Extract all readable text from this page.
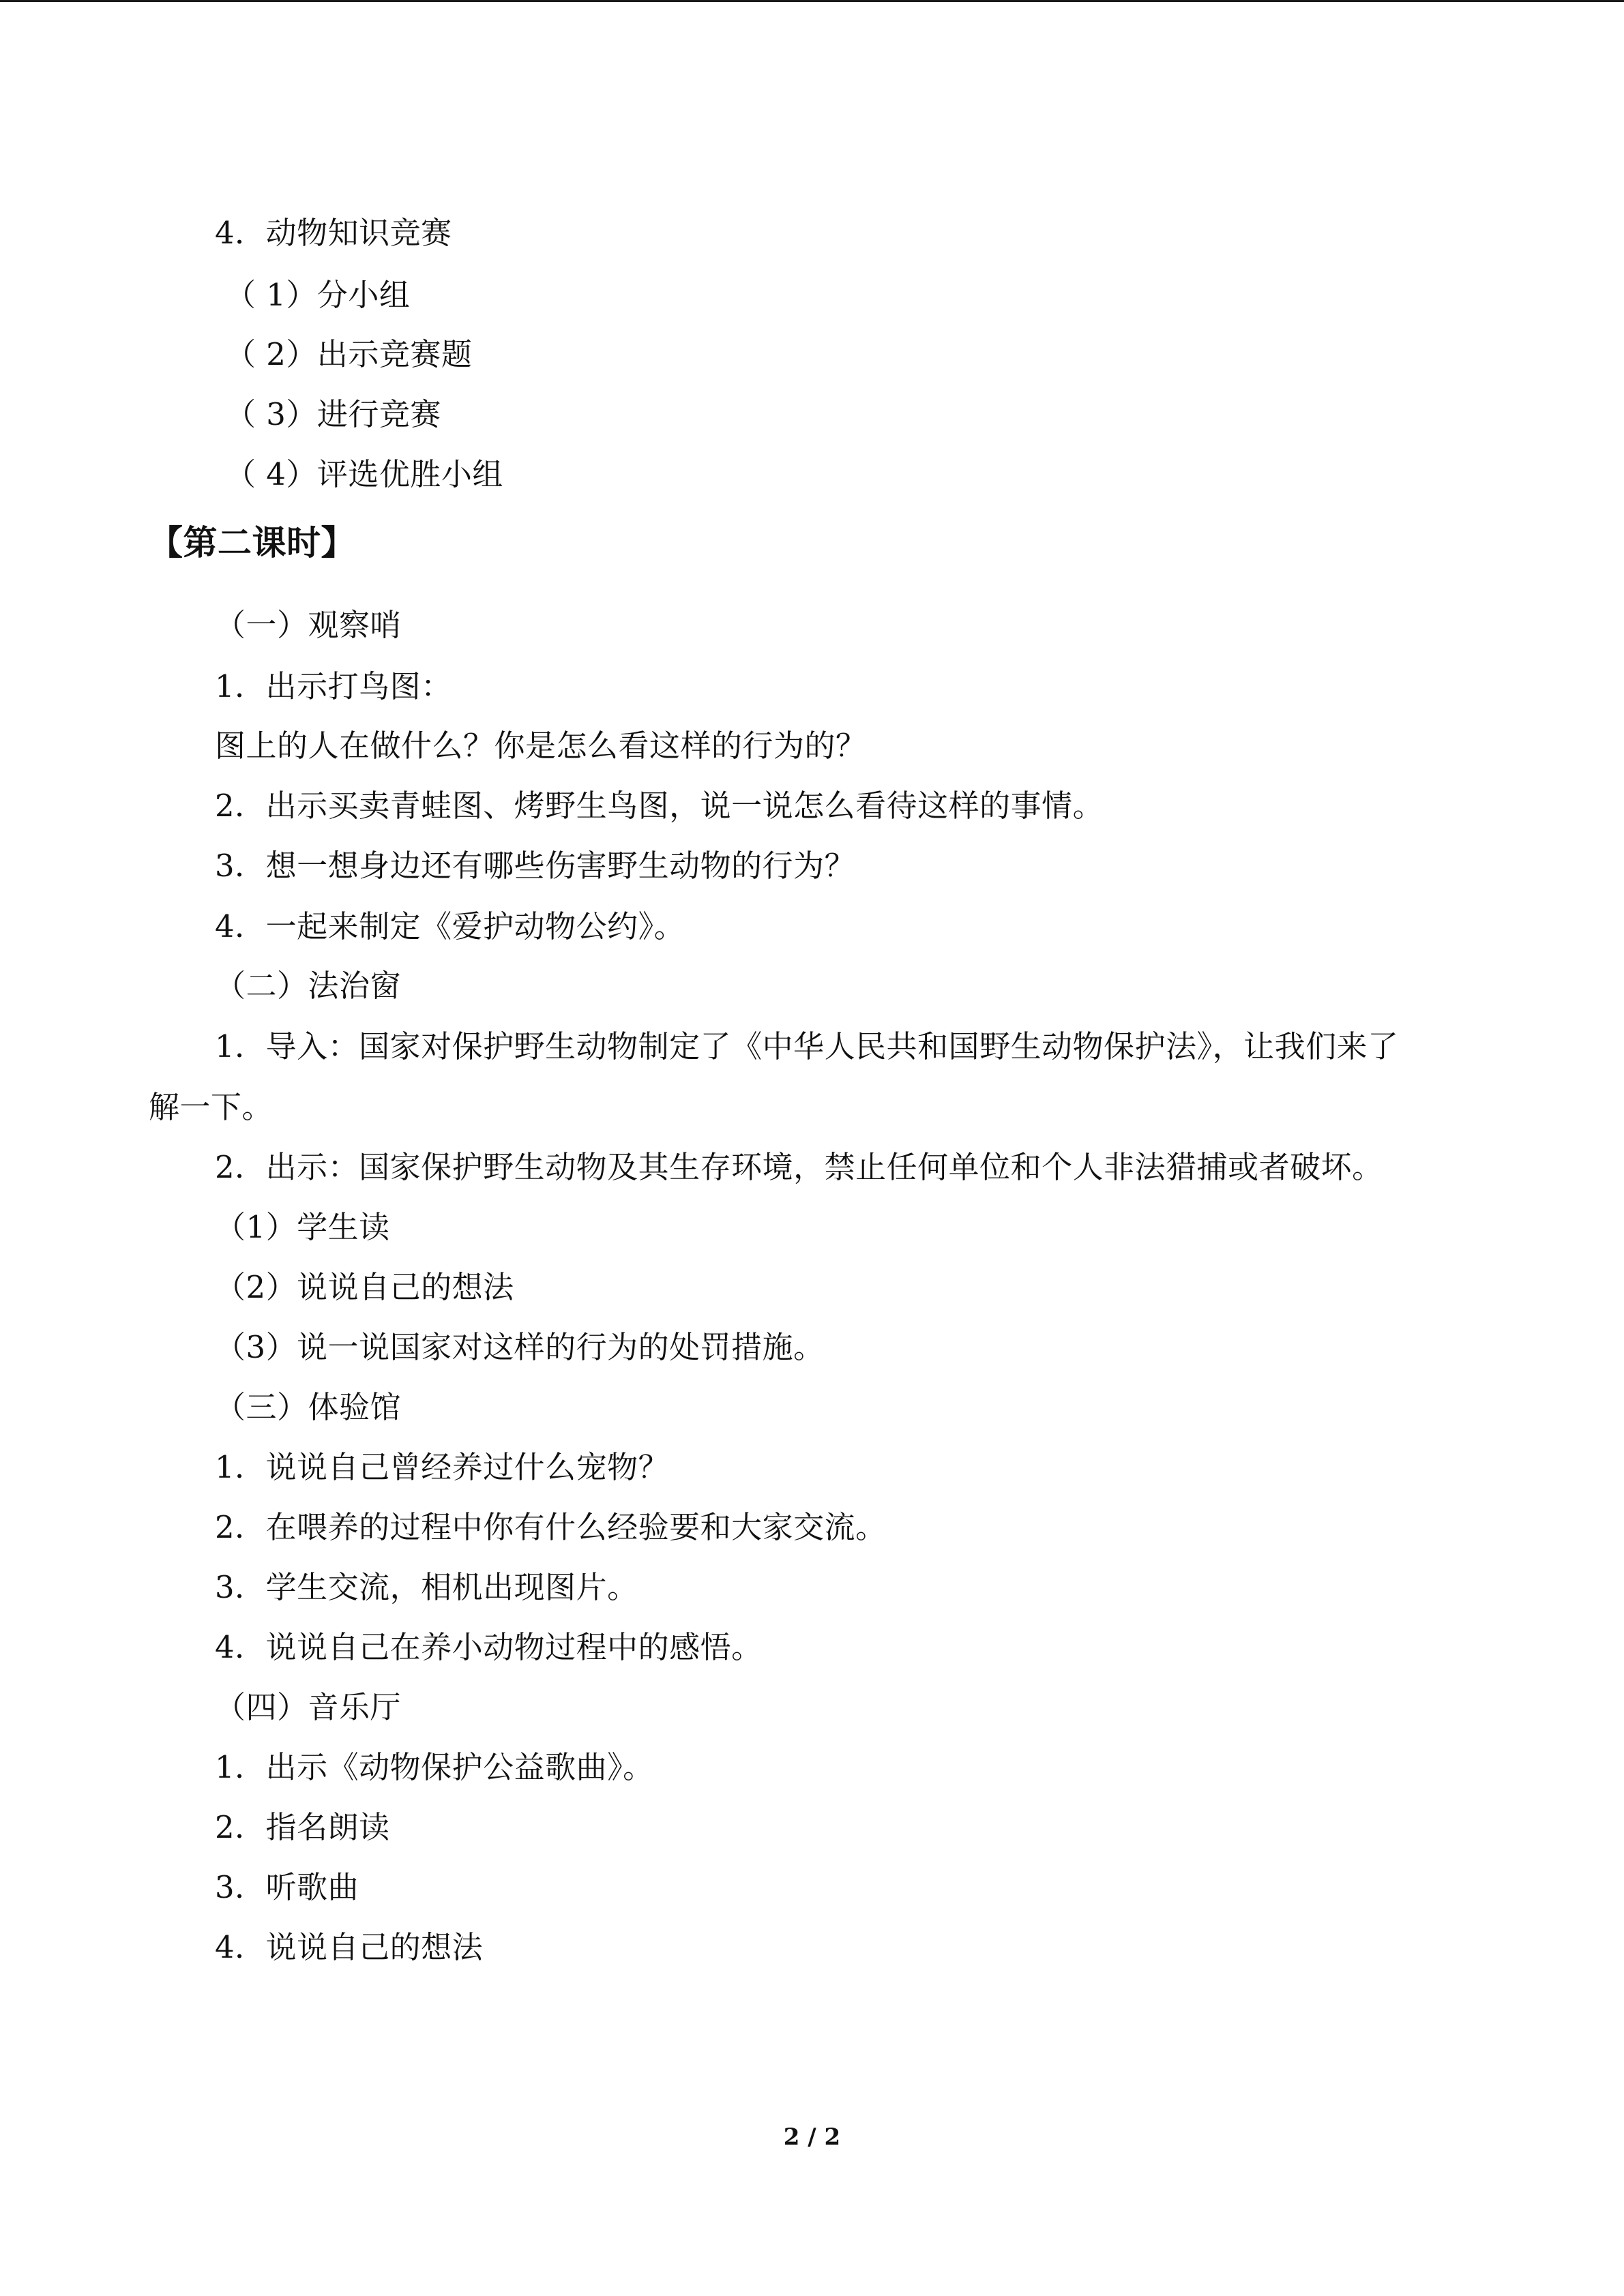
4．动物知识竞赛
（ 1）分小组
（ 2）出示竞赛题
（ 3）进行竞赛
（ 4）评选优胜小组
【第二课时】
（一）观察哨
1．出示打鸟图：
图上的人在做什么？你是怎么看这样的行为的？
2．出示买卖青蛙图、烤野生鸟图，说一说怎么看待这样的事情。
3．想一想身边还有哪些伤害野生动物的行为？
4．一起来制定《爱护动物公约》。
（二）法治窗
1．导入：国家对保护野生动物制定了《中华人民共和国野生动物保护法》，让我们来了
解一下。
2．出示：国家保护野生动物及其生存环境，禁止任何单位和个人非法猎捕或者破坏。
（1）学生读
（2）说说自己的想法
（3）说一说国家对这样的行为的处罚措施。
（三）体验馆
1．说说自己曾经养过什么宠物？
2．在喂养的过程中你有什么经验要和大家交流。
3．学生交流，相机出现图片。
4．说说自己在养小动物过程中的感悟。
（四）音乐厅
1．出示《动物保护公益歌曲》。
2．指名朗读
3．听歌曲
4．说说自己的想法
2 / 2
